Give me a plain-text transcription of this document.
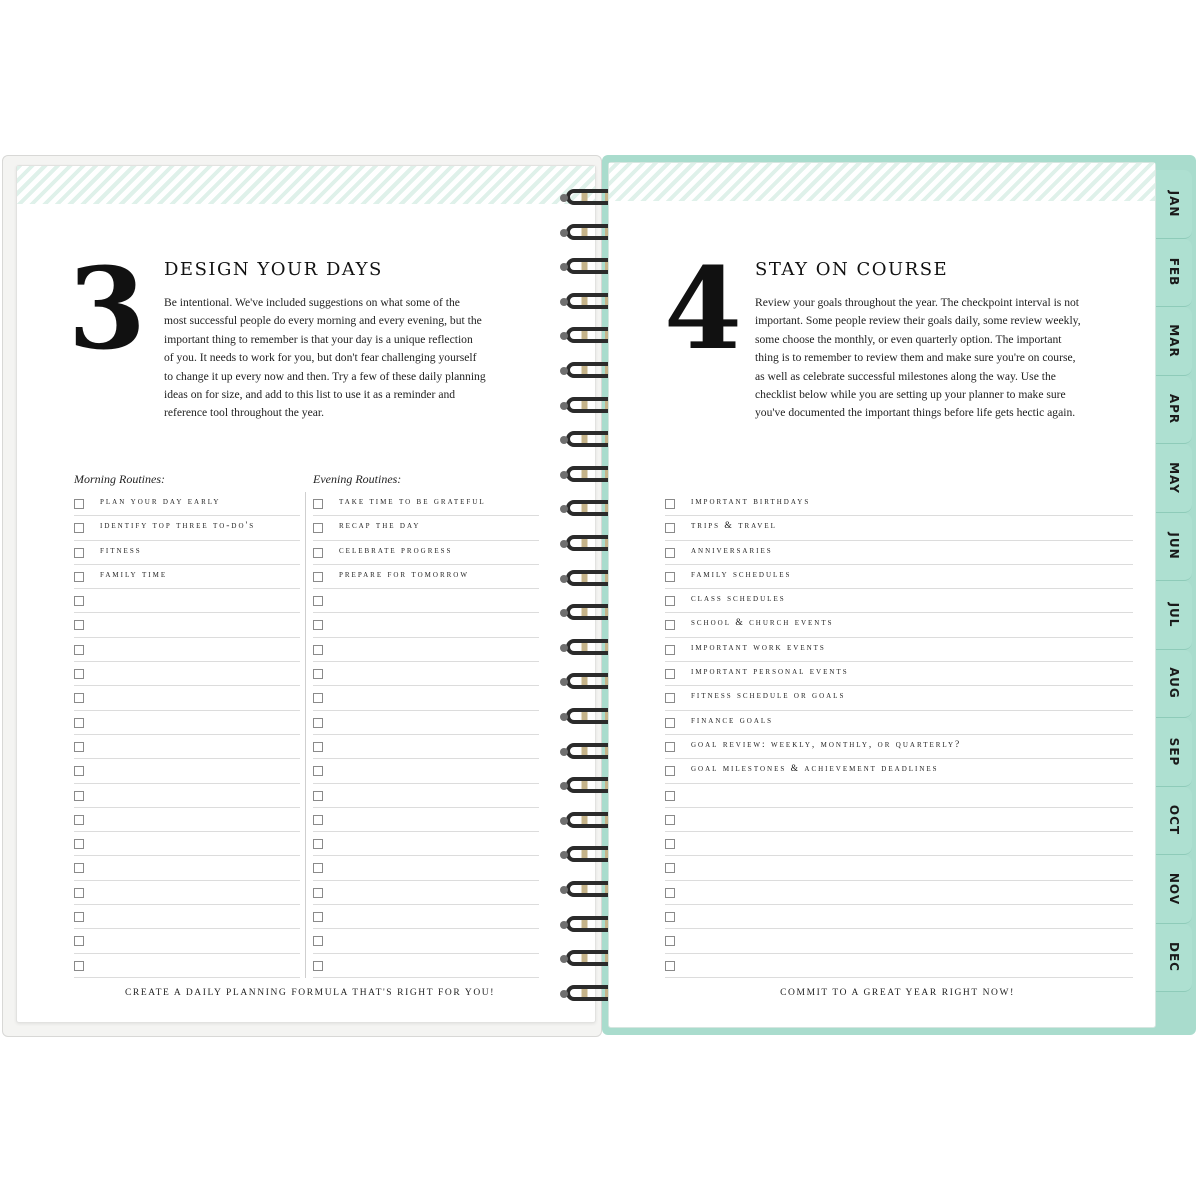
3 DESIGN YOUR DAYS
Be intentional. We've included suggestions on what some of the
most successful people do every morning and every evening, but the
important thing to remember is that your day is a unique reflection
of you. It needs to work for you, but don't fear challenging yourself
to change it up every now and then. Try a few of these daily planning
ideas on for size, and add to this list to use it as a reminder and
reference tool throughout the year.
Morning Routines:	Evening Routines:
plan your day early
identify top three to-do's
fitness
family time
take time to be grateful
recap the day
celebrate progress
prepare for tomorrow
CREATE A DAILY PLANNING FORMULA THAT'S RIGHT FOR YOU!
4 STAY ON COURSE
Review your goals throughout the year. The checkpoint interval is not
important. Some people review their goals daily, some review weekly,
some choose the monthly, or even quarterly option. The important
thing is to remember to review them and make sure you're on course,
as well as celebrate successful milestones along the way. Use the
checklist below while you are setting up your planner to make sure
you've documented the important things before life gets hectic again.
important birthdays
trips & travel
anniversaries
family schedules
class schedules
school & church events
important work events
important personal events
fitness schedule or goals
finance goals
goal review: weekly, monthly, or quarterly?
goal milestones & achievement deadlines
COMMIT TO A GREAT YEAR RIGHT NOW!
JAN
FEB
MAR
APR
MAY
JUN
JUL
AUG
SEP
OCT
NOV
DEC
